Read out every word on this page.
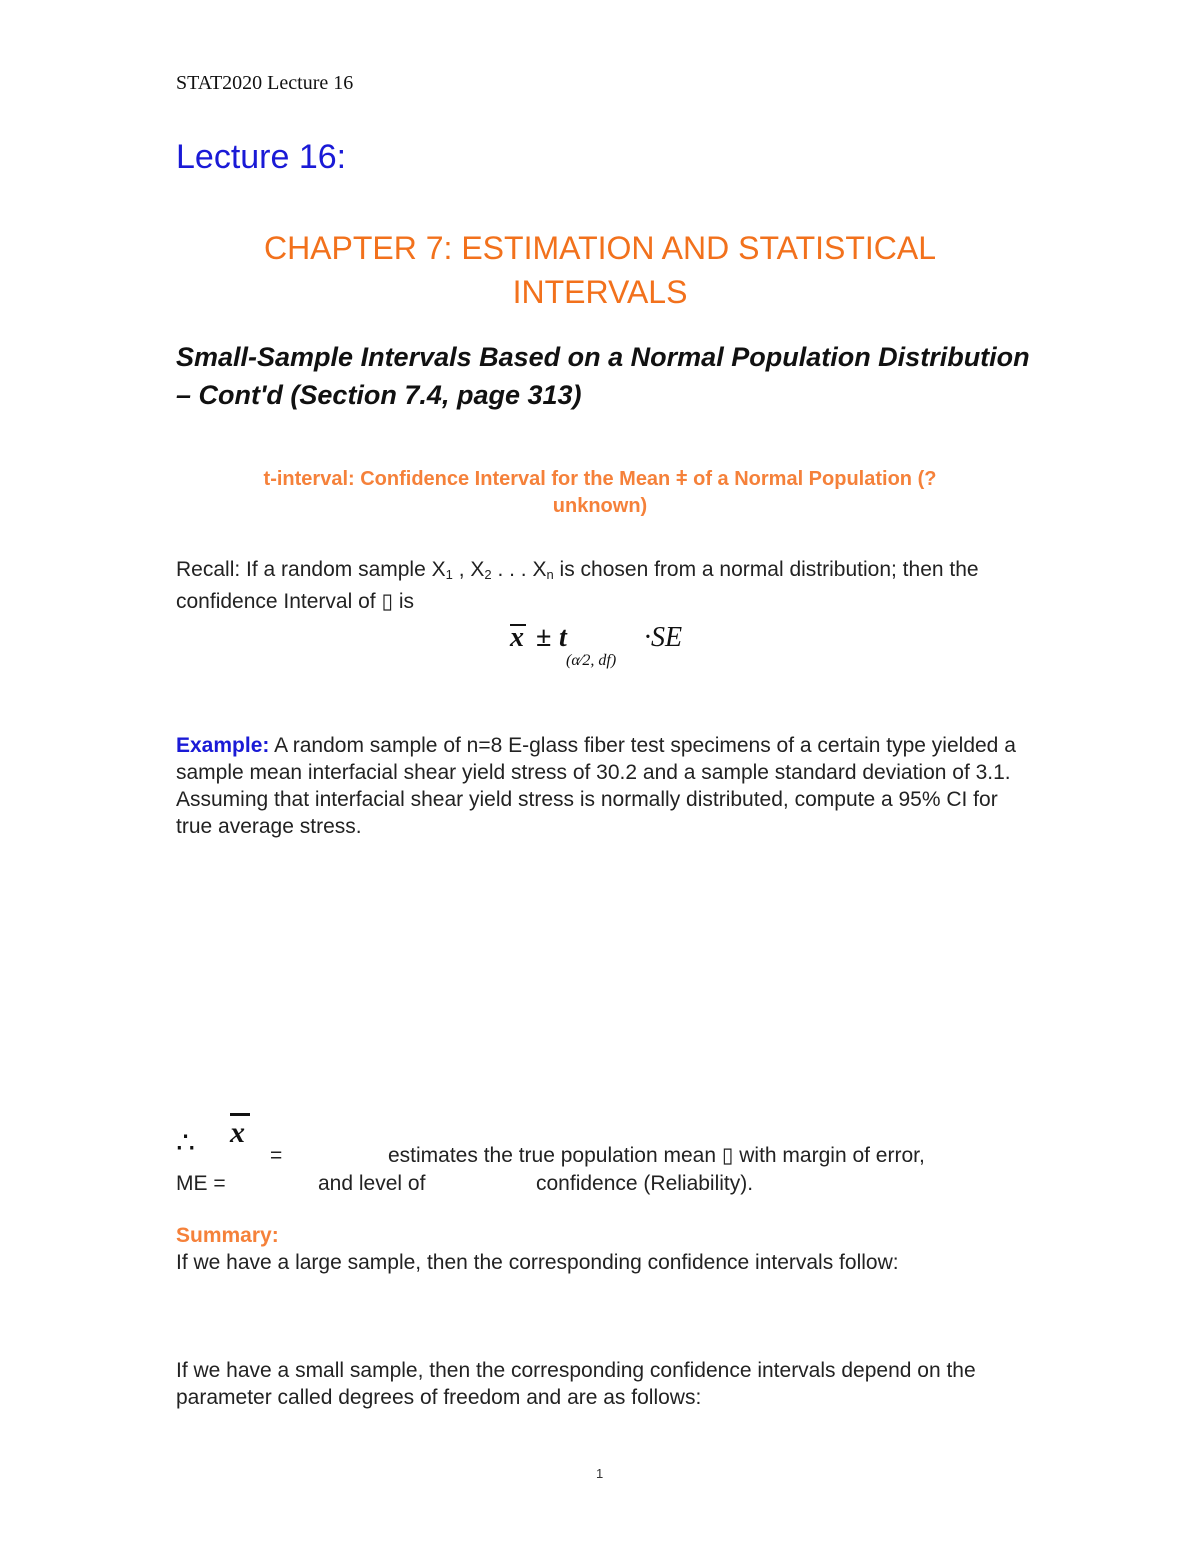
STAT2020 Lecture 16
Lecture 16:
CHAPTER 7: ESTIMATION AND STATISTICAL INTERVALS
Small-Sample Intervals Based on a Normal Population Distribution – Cont'd (Section 7.4, page 313)
t-interval: Confidence Interval for the Mean ǂ of a Normal Population (?
unknown)
Recall: If a random sample $X_1$ , $X_2$ . . . $X_n$ is chosen from a normal distribution; then the confidence Interval of ▯ is
x ± t
(α⁄2, df)
·SE
Example: A random sample of n=8 E-glass fiber test specimens of a certain type yielded a sample mean interfacial shear yield stress of 30.2 and a sample standard deviation of 3.1. Assuming that interfacial shear yield stress is normally distributed, compute a 95% CI for true average stress.
∴ x
=	estimates the true population mean ▯ with margin of error,
ME =	and level of	confidence (Reliability).
Summary:
If we have a large sample, then the corresponding confidence intervals follow:
If we have a small sample, then the corresponding confidence intervals depend on the parameter called degrees of freedom and are as follows:
1
